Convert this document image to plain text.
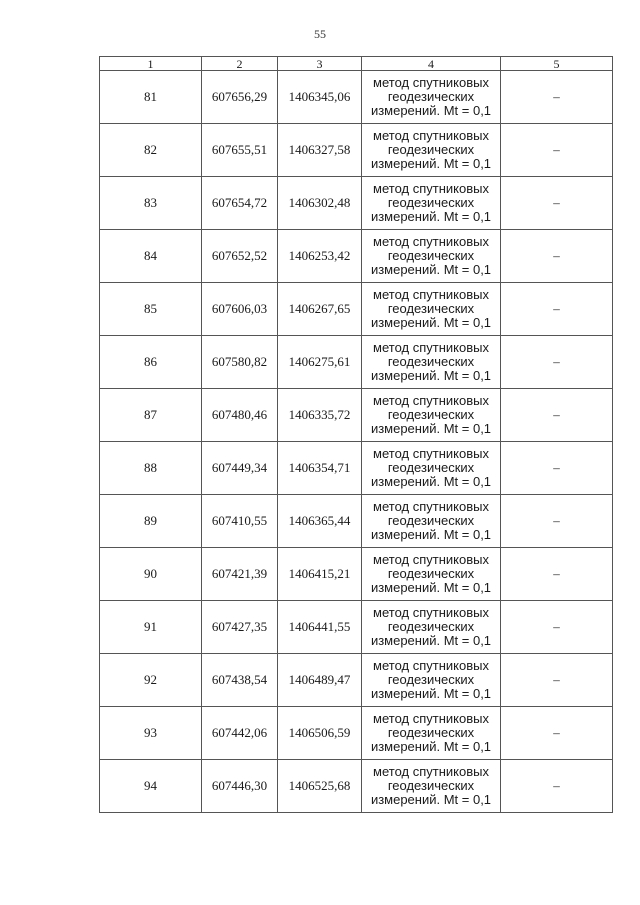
55
1	2	3	4	5
81	607656,29	1406345,06	метод спутниковых
геодезических
измерений. Mt = 0,1	–
82	607655,51	1406327,58	метод спутниковых
геодезических
измерений. Mt = 0,1	–
83	607654,72	1406302,48	метод спутниковых
геодезических
измерений. Mt = 0,1	–
84	607652,52	1406253,42	метод спутниковых
геодезических
измерений. Mt = 0,1	–
85	607606,03	1406267,65	метод спутниковых
геодезических
измерений. Mt = 0,1	–
86	607580,82	1406275,61	метод спутниковых
геодезических
измерений. Mt = 0,1	–
87	607480,46	1406335,72	метод спутниковых
геодезических
измерений. Mt = 0,1	–
88	607449,34	1406354,71	метод спутниковых
геодезических
измерений. Mt = 0,1	–
89	607410,55	1406365,44	метод спутниковых
геодезических
измерений. Mt = 0,1	–
90	607421,39	1406415,21	метод спутниковых
геодезических
измерений. Mt = 0,1	–
91	607427,35	1406441,55	метод спутниковых
геодезических
измерений. Mt = 0,1	–
92	607438,54	1406489,47	метод спутниковых
геодезических
измерений. Mt = 0,1	–
93	607442,06	1406506,59	метод спутниковых
геодезических
измерений. Mt = 0,1	–
94	607446,30	1406525,68	метод спутниковых
геодезических
измерений. Mt = 0,1	–
